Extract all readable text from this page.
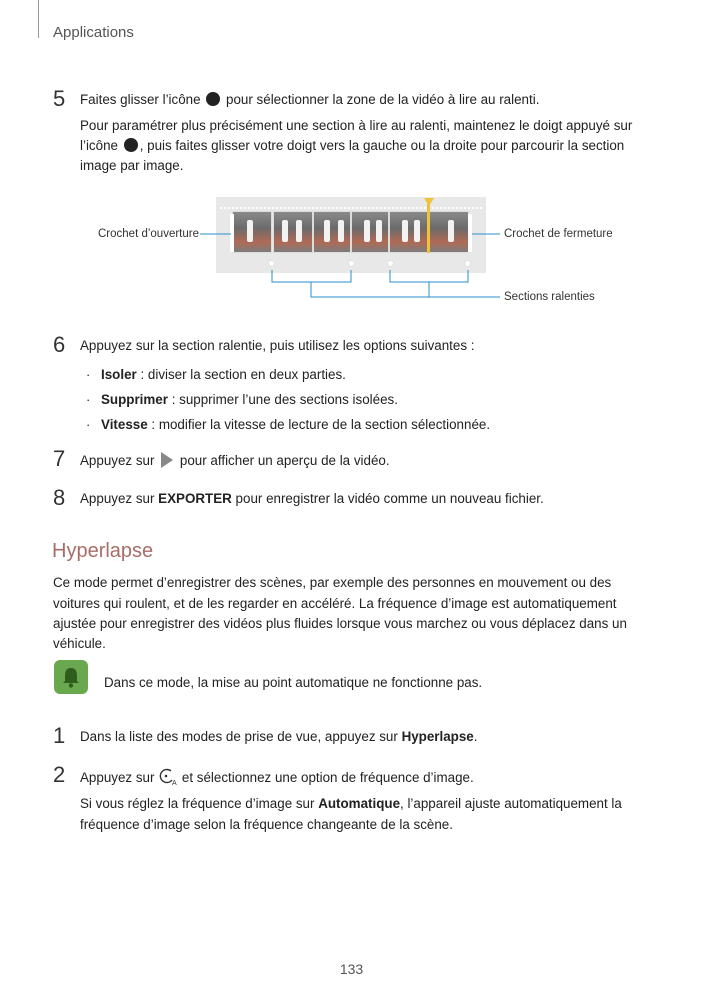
Applications
5 Faites glisser l’icône pour sélectionner la zone de la vidéo à lire au ralenti.
Pour paramétrer plus précisément une section à lire au ralenti, maintenez le doigt appuyé sur
l’icône , puis faites glisser votre doigt vers la gauche ou la droite pour parcourir la section
image par image.
Crochet d’ouverture	Crochet de fermeture
Sections ralenties
6 Appuyez sur la section ralentie, puis utilisez les options suivantes :
· Isoler : diviser la section en deux parties.
· Supprimer : supprimer l’une des sections isolées.
· Vitesse : modifier la vitesse de lecture de la section sélectionnée.
7 Appuyez sur pour afficher un aperçu de la vidéo.
8 Appuyez sur EXPORTER pour enregistrer la vidéo comme un nouveau fichier.
Hyperlapse
Ce mode permet d’enregistrer des scènes, par exemple des personnes en mouvement ou des
voitures qui roulent, et de les regarder en accéléré. La fréquence d’image est automatiquement
ajustée pour enregistrer des vidéos plus fluides lorsque vous marchez ou vous déplacez dans un
véhicule.
Dans ce mode, la mise au point automatique ne fonctionne pas.
1 Dans la liste des modes de prise de vue, appuyez sur Hyperlapse.
2 Appuyez sur	A et sélectionnez une option de fréquence d’image.
Si vous réglez la fréquence d’image sur Automatique, l’appareil ajuste automatiquement la
fréquence d’image selon la fréquence changeante de la scène.
133
